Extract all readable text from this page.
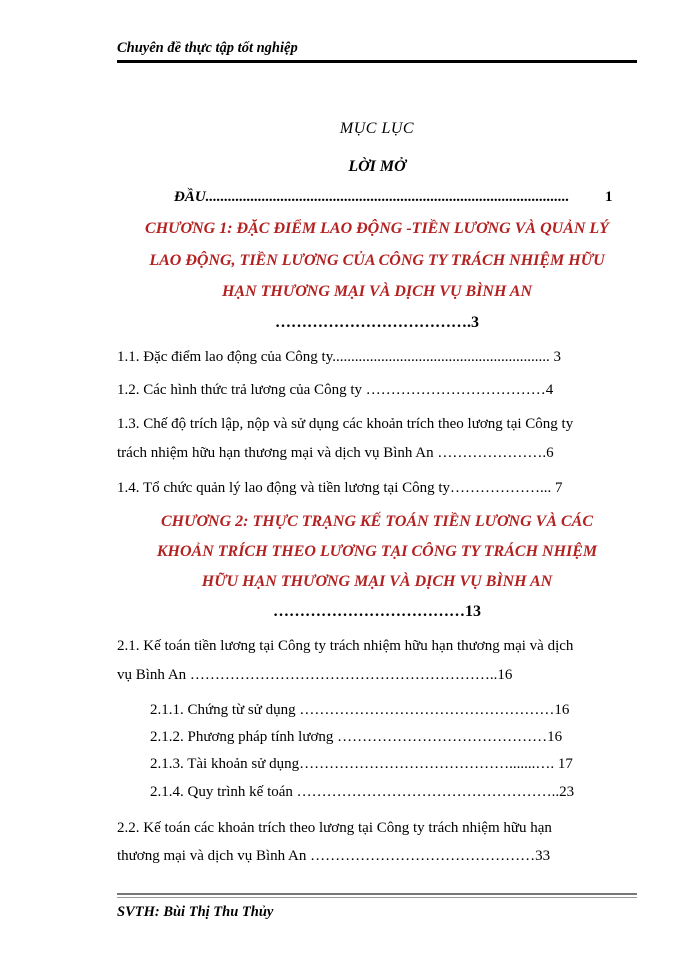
Chuyên đề thực tập tốt nghiệp
MỤC LỤC
LỜI MỞ
ĐẦU................................................................................................. 1
CHƯƠNG 1: ĐẶC ĐIỂM LAO ĐỘNG -TIỀN LƯƠNG VÀ QUẢN LÝ
LAO ĐỘNG, TIỀN LƯƠNG CỦA CÔNG TY TRÁCH NHIỆM HỮU
HẠN THƯƠNG MẠI VÀ DỊCH VỤ BÌNH AN
……………………………….3
1.1. Đặc điểm lao động của Công ty.......................................................... 3
1.2. Các hình thức trả lương của Công ty ………………………………4
1.3. Chế độ trích lập, nộp và sử dụng các khoản trích theo lương tại Công ty
trách nhiệm hữu hạn thương mại và dịch vụ Bình An ………………….6
1.4. Tổ chức quản lý lao động và tiền lương tại Công ty………………... 7
CHƯƠNG 2: THỰC TRẠNG KẾ TOÁN TIỀN LƯƠNG VÀ CÁC
KHOẢN TRÍCH THEO LƯƠNG TẠI CÔNG TY TRÁCH NHIỆM
HỮU HẠN THƯƠNG MẠI VÀ DỊCH VỤ BÌNH AN
………………………………13
2.1. Kế toán tiền lương tại Công ty trách nhiệm hữu hạn thương mại và dịch
vụ Bình An ……………………………………………………..16
2.1.1. Chứng từ sử dụng ……………………………………………16
2.1.2. Phương pháp tính lương ……………………………………16
2.1.3. Tài khoản sử dụng…………………………………….......…. 17
2.1.4. Quy trình kế toán ……………………………………………..23
2.2. Kế toán các khoản trích theo lương tại Công ty trách nhiệm hữu hạn
thương mại và dịch vụ Bình An ………………………………………33
SVTH: Bùi Thị Thu Thủy
